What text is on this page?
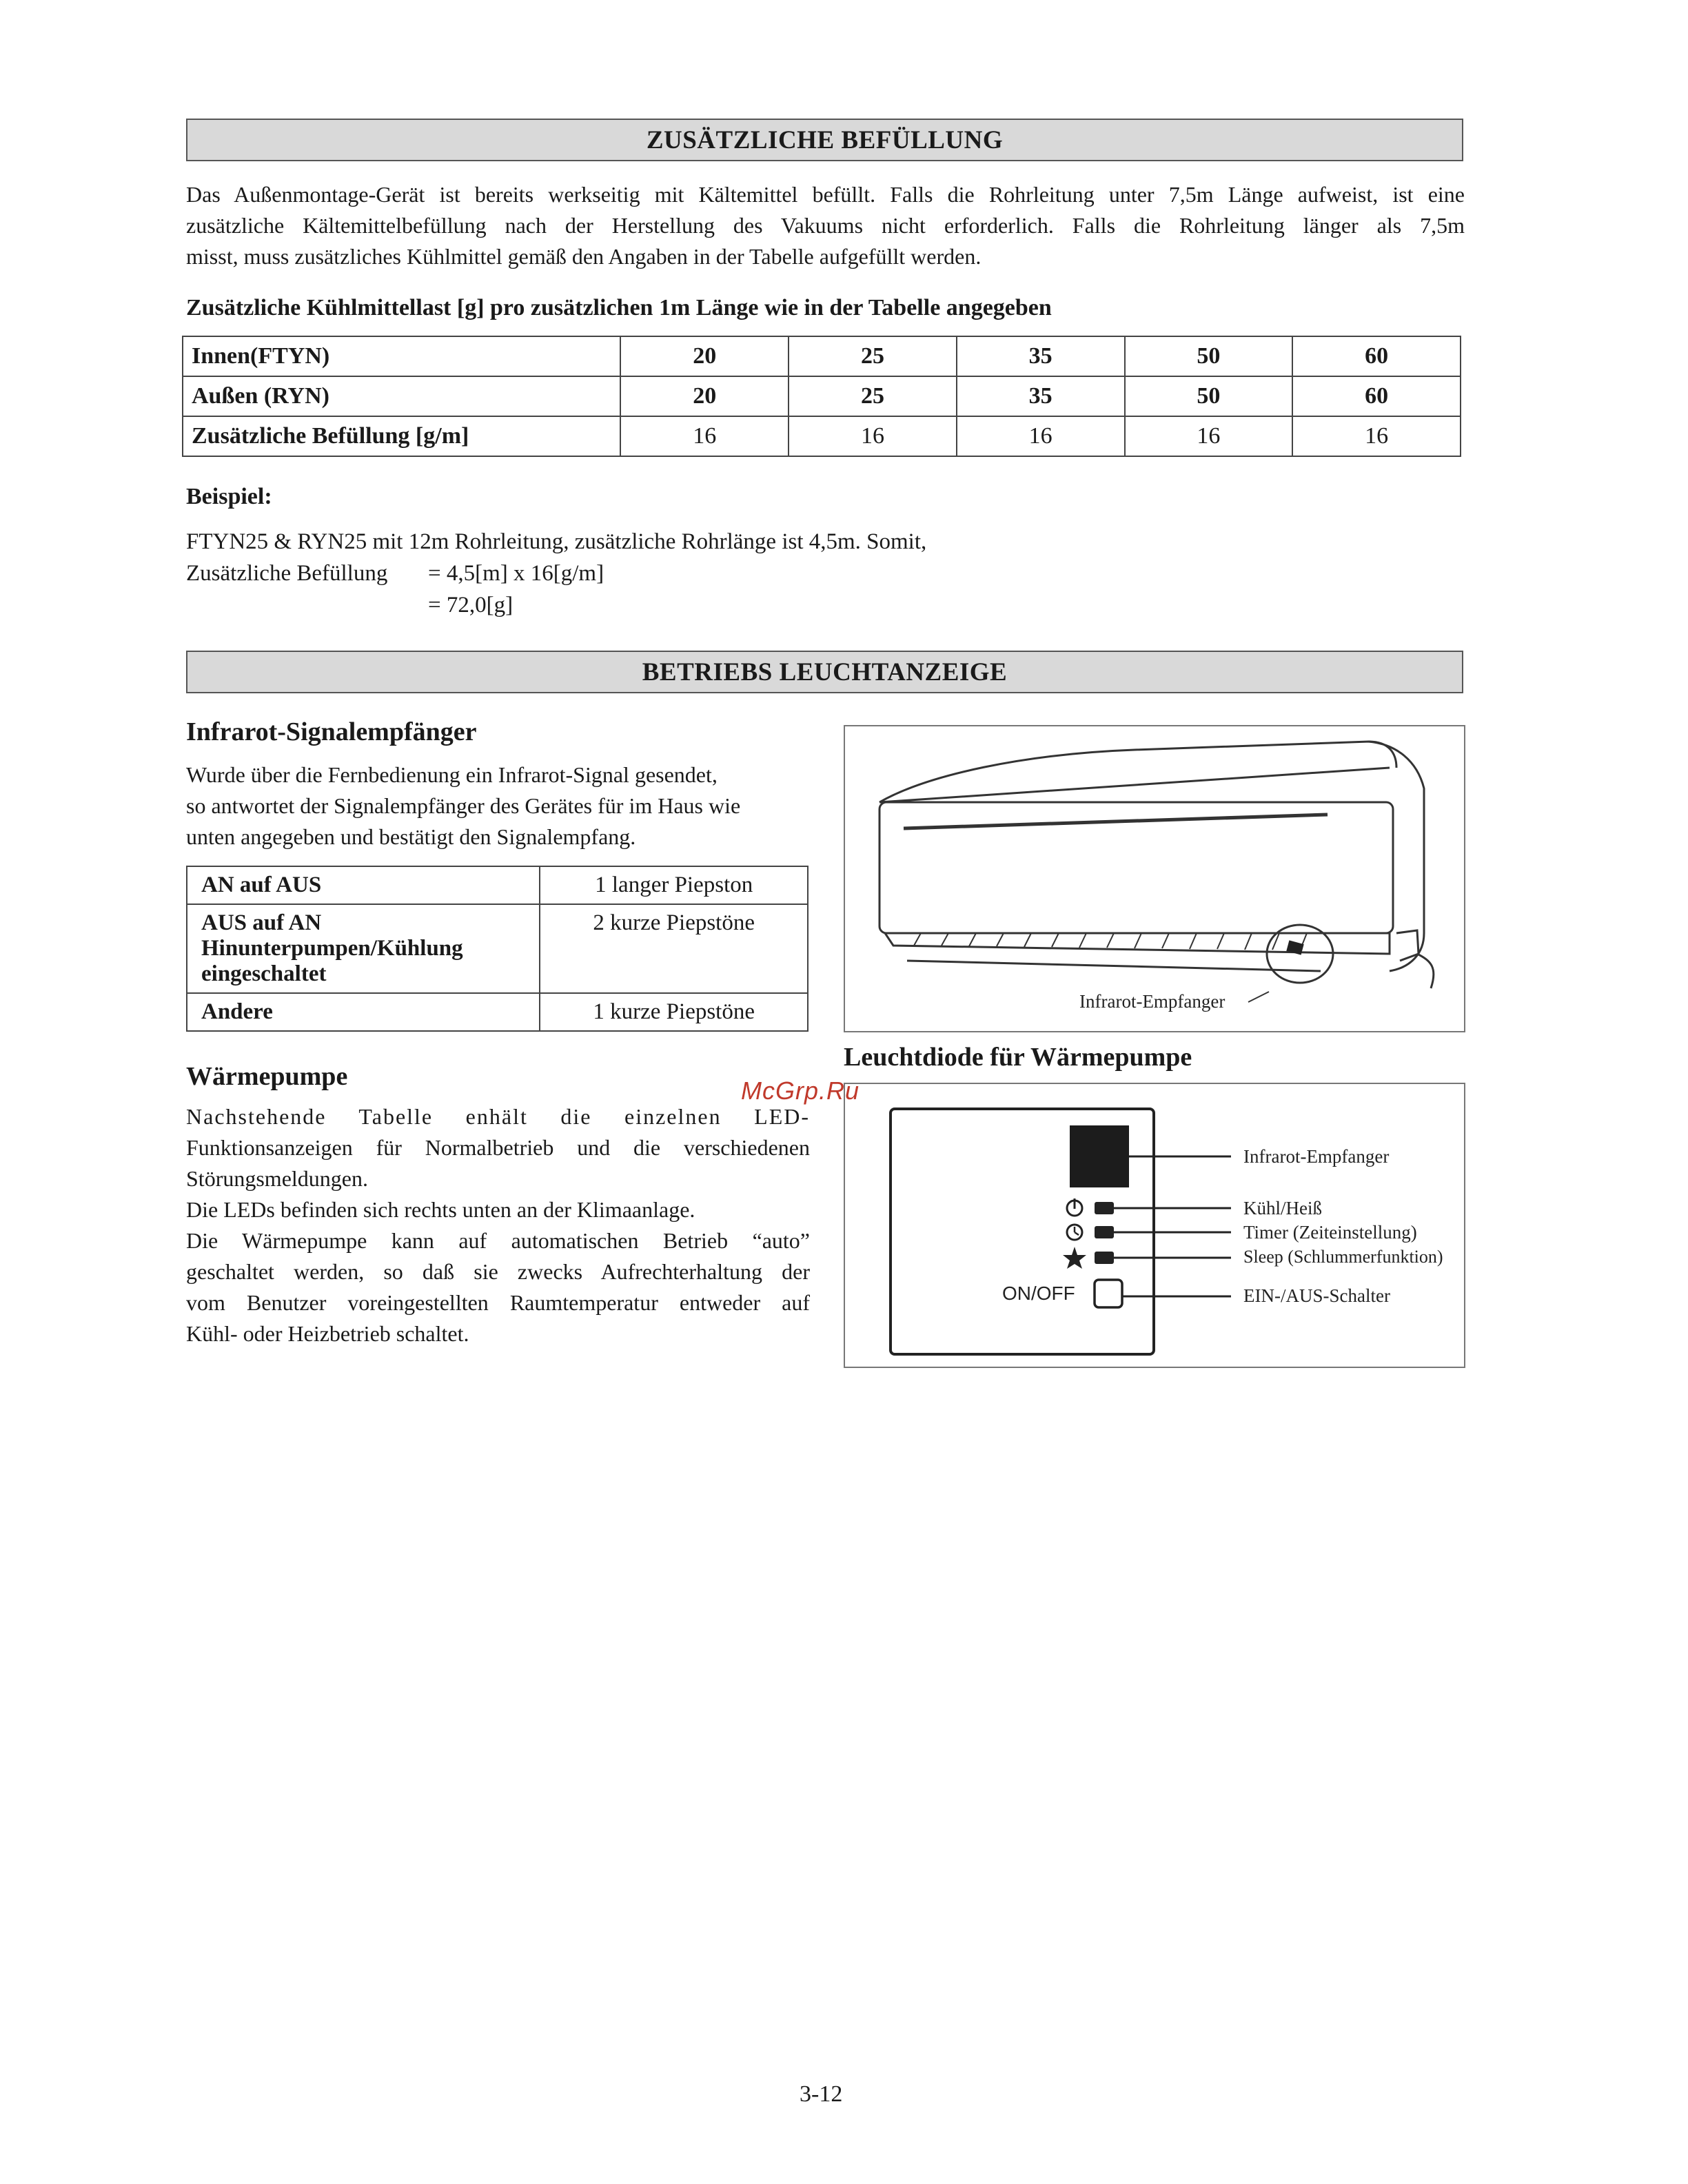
ZUSÄTZLICHE BEFÜLLUNG
Das Außenmontage-Gerät ist bereits werkseitig mit Kältemittel befüllt. Falls die Rohrleitung unter 7,5m Länge aufweist, ist eine
zusätzliche Kältemittelbefüllung nach der Herstellung des Vakuums nicht erforderlich. Falls die Rohrleitung länger als 7,5m
misst, muss zusätzliches Kühlmittel gemäß den Angaben in der Tabelle aufgefüllt werden.
Zusätzliche Kühlmittellast [g] pro zusätzlichen 1m Länge wie in der Tabelle angegeben
Innen(FTYN)	20	25	35	50	60
Außen (RYN)	20	25	35	50	60
Zusätzliche Befüllung [g/m]	16	16	16	16	16
Beispiel:
FTYN25 & RYN25 mit 12m Rohrleitung, zusätzliche Rohrlänge ist 4,5m. Somit,
Zusätzliche Befüllung = 4,5[m] x 16[g/m]
= 72,0[g]
BETRIEBS LEUCHTANZEIGE
Infrarot-Signalempfänger
Wurde über die Fernbedienung ein Infrarot-Signal gesendet,
so antwortet der Signalempfänger des Gerätes für im Haus wie
unten angegeben und bestätigt den Signalempfang.
AN auf AUS	1 langer Piepston

AUS auf AN
Hinunterpumpen/Kühlung
eingeschaltet	2 kurze Piepstöne

Andere	1 kurze Piepstöne
Wärmepumpe
Nachstehende Tabelle enhält die einzelnen LED-
Funktionsanzeigen für Normalbetrieb und die verschiedenen
Störungsmeldungen.
Die LEDs befinden sich rechts unten an der Klimaanlage.
Die Wärmepumpe kann auf automatischen Betrieb “auto”
geschaltet werden, so daß sie zwecks Aufrechterhaltung der
vom Benutzer voreingestellten Raumtemperatur entweder auf
Kühl- oder Heizbetrieb schaltet.
Infrarot-Empfanger
Leuchtdiode für Wärmepumpe
McGrp.Ru
ON/OFF
Infrarot-Empfanger
Kühl/Heiß
Timer (Zeiteinstellung)
Sleep (Schlummerfunktion)
EIN-/AUS-Schalter
3-12
